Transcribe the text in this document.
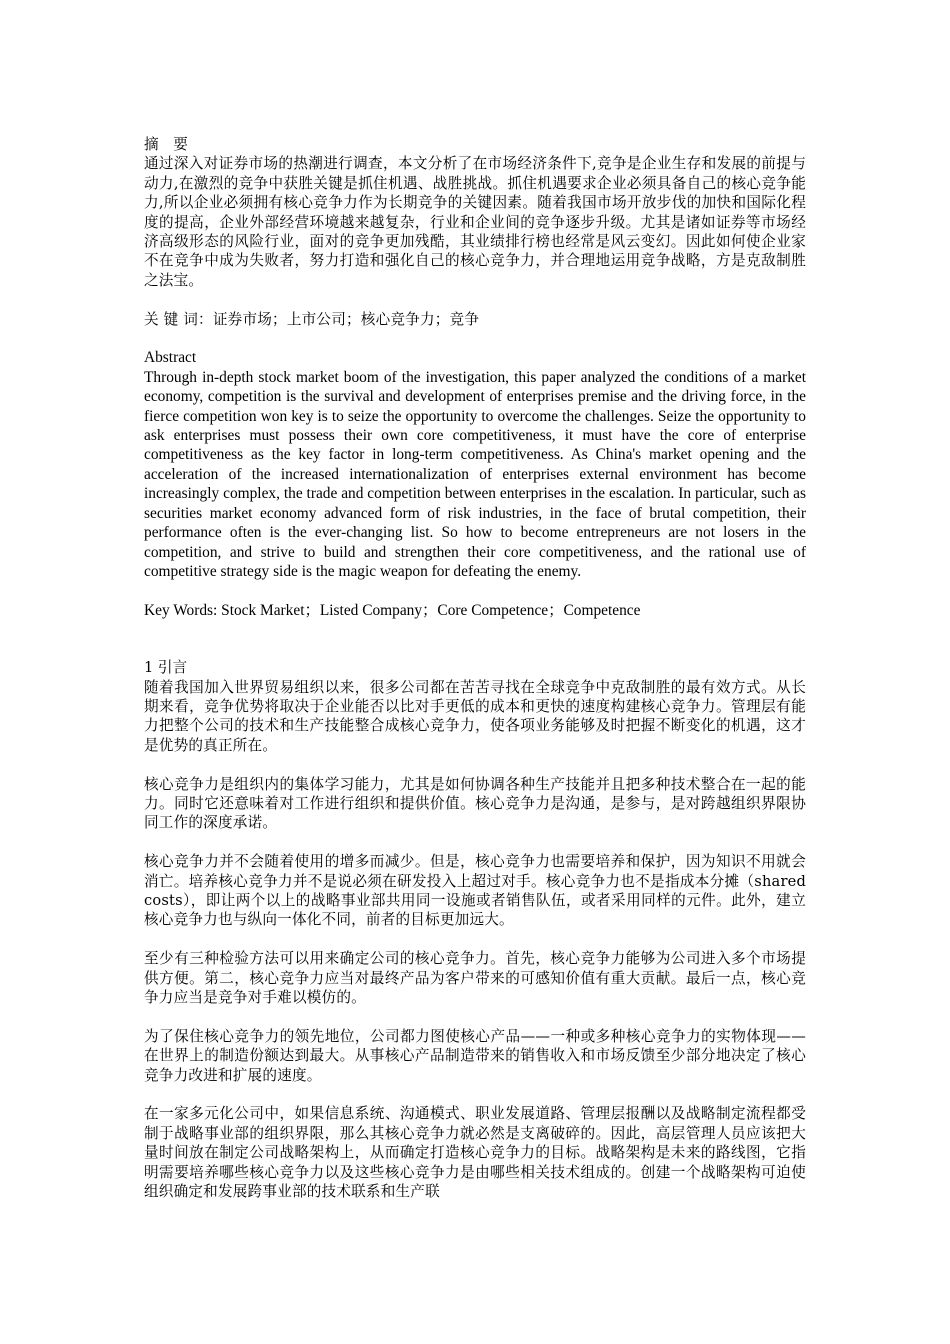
摘　要

通过深入对证券市场的热潮进行调查，本文分析了在市场经济条件下,竞争是企业生存和发展的前提与动力,在激烈的竞争中获胜关键是抓住机遇、战胜挑战。抓住机遇要求企业必须具备自己的核心竞争能力,所以企业必须拥有核心竞争力作为长期竞争的关键因素。随着我国市场开放步伐的加快和国际化程度的提高，企业外部经营环境越来越复杂，行业和企业间的竞争逐步升级。尤其是诸如证券等市场经济高级形态的风险行业，面对的竞争更加残酷，其业绩排行榜也经常是风云变幻。因此如何使企业家不在竞争中成为失败者，努力打造和强化自己的核心竞争力，并合理地运用竞争战略，方是克敌制胜之法宝。

关 键 词：证券市场；上市公司；核心竞争力；竞争

Abstract

Through in-depth stock market boom of the investigation, this paper analyzed the conditions of a market economy, competition is the survival and development of enterprises premise and the driving force, in the fierce competition won key is to seize the opportunity to overcome the challenges. Seize the opportunity to ask enterprises must possess their own core competitiveness, it must have the core of enterprise competitiveness as the key factor in long-term competitiveness. As China's market opening and the acceleration of the increased internationalization of enterprises external environment has become increasingly complex, the trade and competition between enterprises in the escalation. In particular, such as securities market economy advanced form of risk industries, in the face of brutal competition, their performance often is the ever-changing list. So how to become entrepreneurs are not losers in the competition, and strive to build and strengthen their core competitiveness, and the rational use of competitive strategy side is the magic weapon for defeating the enemy.

Key Words: Stock Market；Listed Company；Core Competence；Competence

1 引言

随着我国加入世界贸易组织以来，很多公司都在苦苦寻找在全球竞争中克敌制胜的最有效方式。从长期来看，竞争优势将取决于企业能否以比对手更低的成本和更快的速度构建核心竞争力。管理层有能力把整个公司的技术和生产技能整合成核心竞争力，使各项业务能够及时把握不断变化的机遇，这才是优势的真正所在。

核心竞争力是组织内的集体学习能力，尤其是如何协调各种生产技能并且把多种技术整合在一起的能力。同时它还意味着对工作进行组织和提供价值。核心竞争力是沟通，是参与，是对跨越组织界限协同工作的深度承诺。

核心竞争力并不会随着使用的增多而减少。但是，核心竞争力也需要培养和保护，因为知识不用就会消亡。培养核心竞争力并不是说必须在研发投入上超过对手。核心竞争力也不是指成本分摊（shared costs），即让两个以上的战略事业部共用同一设施或者销售队伍，或者采用同样的元件。此外，建立核心竞争力也与纵向一体化不同，前者的目标更加远大。

至少有三种检验方法可以用来确定公司的核心竞争力。首先，核心竞争力能够为公司进入多个市场提供方便。第二，核心竞争力应当对最终产品为客户带来的可感知价值有重大贡献。最后一点，核心竞争力应当是竞争对手难以模仿的。

为了保住核心竞争力的领先地位，公司都力图使核心产品——一种或多种核心竞争力的实物体现——在世界上的制造份额达到最大。从事核心产品制造带来的销售收入和市场反馈至少部分地决定了核心竞争力改进和扩展的速度。

在一家多元化公司中，如果信息系统、沟通模式、职业发展道路、管理层报酬以及战略制定流程都受制于战略事业部的组织界限，那么其核心竞争力就必然是支离破碎的。因此，高层管理人员应该把大量时间放在制定公司战略架构上，从而确定打造核心竞争力的目标。战略架构是未来的路线图，它指明需要培养哪些核心竞争力以及这些核心竞争力是由哪些相关技术组成的。创建一个战略架构可迫使组织确定和发展跨事业部的技术联系和生产联
